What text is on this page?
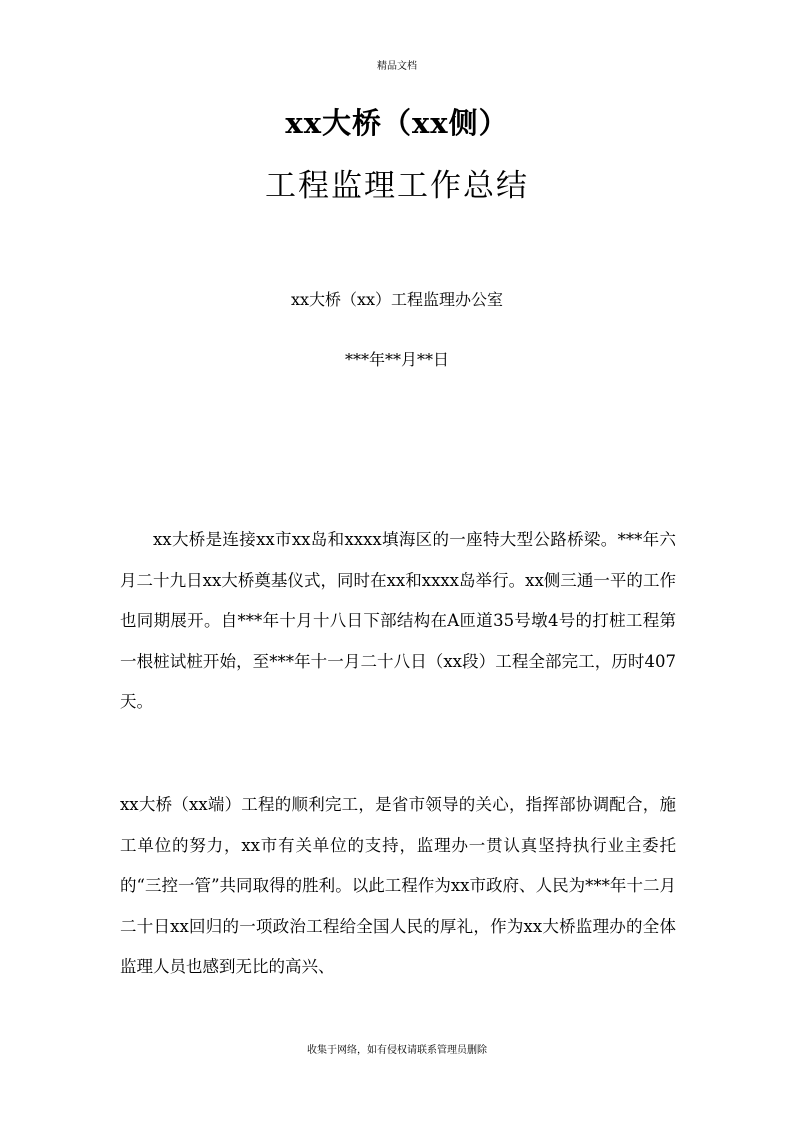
精品文档
xx大桥（xx侧）
工程监理工作总结
xx大桥（xx）工程监理办公室
***年**月**日

xx大桥是连接xx市xx岛和xxxx填海区的一座特大型公路桥梁。***年六月二十九日xx大桥奠基仪式，同时在xx和xxxx岛举行。xx侧三通一平的工作也同期展开。自***年十月十八日下部结构在A匝道35号墩4号的打桩工程第一根桩试桩开始，至***年十一月二十八日（xx段）工程全部完工，历时407天。

xx大桥（xx端）工程的顺利完工，是省市领导的关心，指挥部协调配合，施工单位的努力，xx市有关单位的支持，监理办一贯认真坚持执行业主委托的“三控一管”共同取得的胜利。以此工程作为xx市政府、人民为***年十二月二十日xx回归的一项政治工程给全国人民的厚礼，作为xx大桥监理办的全体监理人员也感到无比的高兴、

收集于网络，如有侵权请联系管理员删除
